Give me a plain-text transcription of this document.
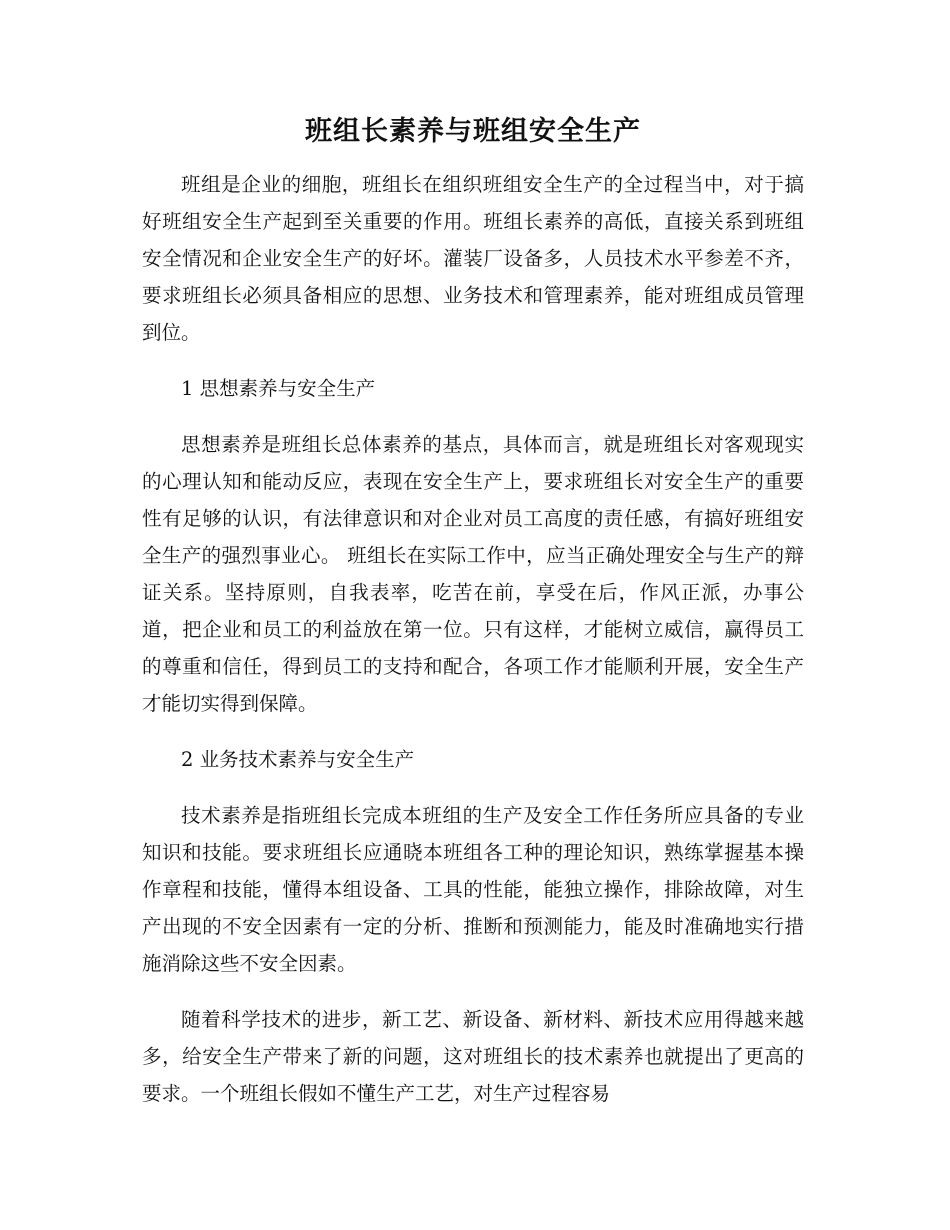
班组长素养与班组安全生产

班组是企业的细胞，班组长在组织班组安全生产的全过程当中，对于搞好班组安全生产起到至关重要的作用。班组长素养的高低，直接关系到班组安全情况和企业安全生产的好坏。灌装厂设备多，人员技术水平参差不齐，要求班组长必须具备相应的思想、业务技术和管理素养，能对班组成员管理到位。

1 思想素养与安全生产

思想素养是班组长总体素养的基点，具体而言，就是班组长对客观现实的心理认知和能动反应，表现在安全生产上，要求班组长对安全生产的重要性有足够的认识，有法律意识和对企业对员工高度的责任感，有搞好班组安全生产的强烈事业心。 班组长在实际工作中，应当正确处理安全与生产的辩证关系。坚持原则，自我表率，吃苦在前，享受在后，作风正派，办事公道，把企业和员工的利益放在第一位。只有这样，才能树立威信，赢得员工的尊重和信任，得到员工的支持和配合，各项工作才能顺利开展，安全生产才能切实得到保障。

2 业务技术素养与安全生产

技术素养是指班组长完成本班组的生产及安全工作任务所应具备的专业知识和技能。要求班组长应通晓本班组各工种的理论知识，熟练掌握基本操作章程和技能，懂得本组设备、工具的性能，能独立操作，排除故障，对生产出现的不安全因素有一定的分析、推断和预测能力，能及时准确地实行措施消除这些不安全因素。

随着科学技术的进步，新工艺、新设备、新材料、新技术应用得越来越多，给安全生产带来了新的问题，这对班组长的技术素养也就提出了更高的要求。一个班组长假如不懂生产工艺，对生产过程容易
